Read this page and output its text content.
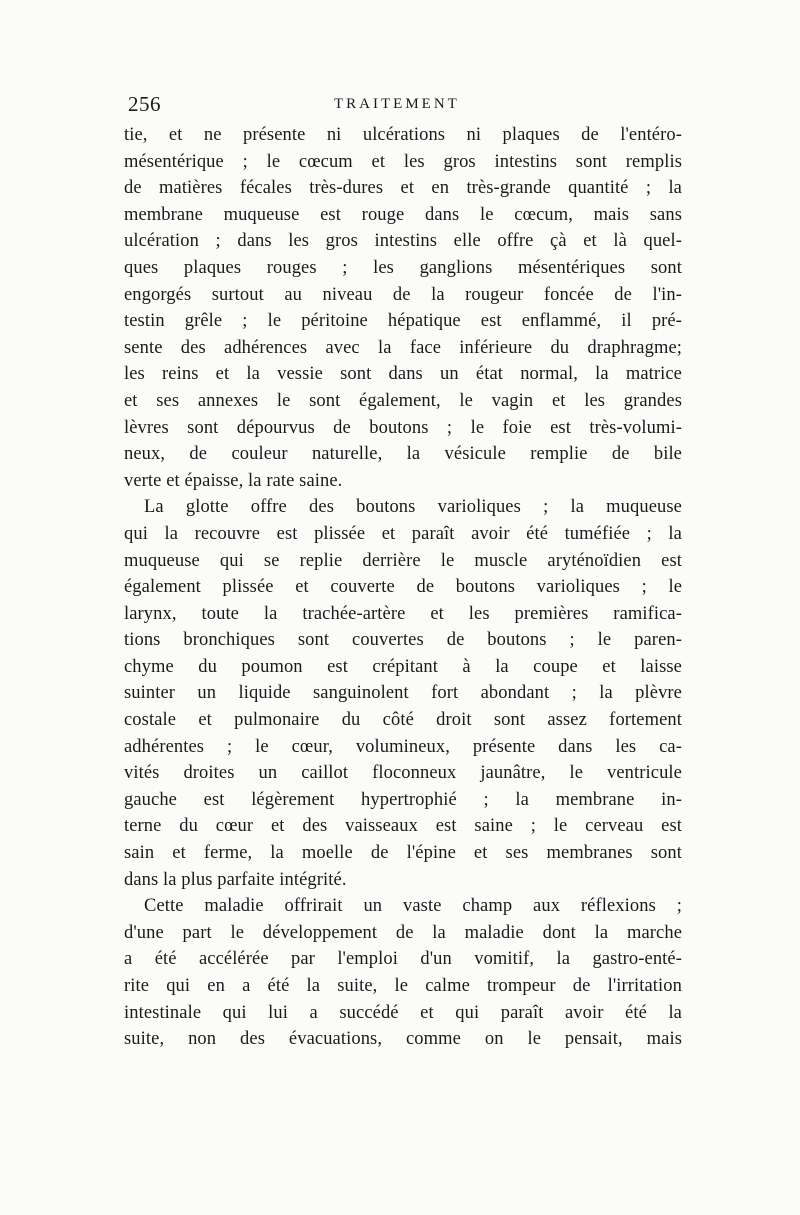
256	TRAITEMENT
tie, et ne présente ni ulcérations ni plaques de l'entéro-
mésentérique ; le cœcum et les gros intestins sont remplis
de matières fécales très-dures et en très-grande quantité ; la
membrane muqueuse est rouge dans le cœcum, mais sans
ulcération ; dans les gros intestins elle offre çà et là quel-
ques plaques rouges ; les ganglions mésentériques sont
engorgés surtout au niveau de la rougeur foncée de l'in-
testin grêle ; le péritoine hépatique est enflammé, il pré-
sente des adhérences avec la face inférieure du draphragme;
les reins et la vessie sont dans un état normal, la matrice
et ses annexes le sont également, le vagin et les grandes
lèvres sont dépourvus de boutons ; le foie est très-volumi-
neux, de couleur naturelle, la vésicule remplie de bile
verte et épaisse, la rate saine.
La glotte offre des boutons varioliques ; la muqueuse
qui la recouvre est plissée et paraît avoir été tuméfiée ; la
muqueuse qui se replie derrière le muscle aryténoïdien est
également plissée et couverte de boutons varioliques ; le
larynx, toute la trachée-artère et les premières ramifica-
tions bronchiques sont couvertes de boutons ; le paren-
chyme du poumon est crépitant à la coupe et laisse
suinter un liquide sanguinolent fort abondant ; la plèvre
costale et pulmonaire du côté droit sont assez fortement
adhérentes ; le cœur, volumineux, présente dans les ca-
vités droites un caillot floconneux jaunâtre, le ventricule
gauche est légèrement hypertrophié ; la membrane in-
terne du cœur et des vaisseaux est saine ; le cerveau est
sain et ferme, la moelle de l'épine et ses membranes sont
dans la plus parfaite intégrité.
Cette maladie offrirait un vaste champ aux réflexions ;
d'une part le développement de la maladie dont la marche
a été accélérée par l'emploi d'un vomitif, la gastro-enté-
rite qui en a été la suite, le calme trompeur de l'irritation
intestinale qui lui a succédé et qui paraît avoir été la
suite, non des évacuations, comme on le pensait, mais
